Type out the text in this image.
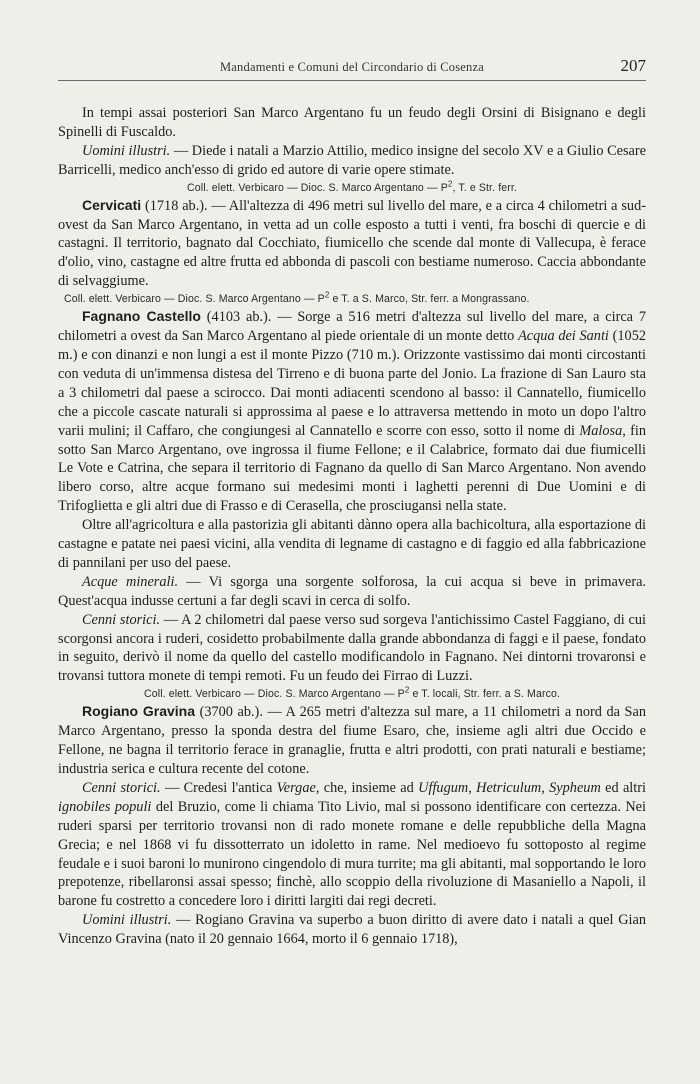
Mandamenti e Comuni del Circondario di Cosenza	207

In tempi assai posteriori San Marco Argentano fu un feudo degli Orsini di Bisignano e degli Spinelli di Fuscaldo.

Uomini illustri. — Diede i natali a Marzio Attilio, medico insigne del secolo XV e a Giulio Cesare Barricelli, medico anch'esso di grido ed autore di varie opere stimate.

Coll. elett. Verbicaro — Dioc. S. Marco Argentano — $P^2$, T. e Str. ferr.

Cervicati (1718 ab.). — All'altezza di 496 metri sul livello del mare, e a circa 4 chilometri a sud-ovest da San Marco Argentano, in vetta ad un colle esposto a tutti i venti, fra boschi di quercie e di castagni. Il territorio, bagnato dal Cocchiato, fiumicello che scende dal monte di Vallecupa, è ferace d'olio, vino, castagne ed altre frutta ed abbonda di pascoli con bestiame numeroso. Caccia abbondante di selvaggiume.

Coll. elett. Verbicaro — Dioc. S. Marco Argentano — $P^2$ e T. a S. Marco, Str. ferr. a Mongrassano.

Fagnano Castello (4103 ab.). — Sorge a 516 metri d'altezza sul livello del mare, a circa 7 chilometri a ovest da San Marco Argentano al piede orientale di un monte detto Acqua dei Santi (1052 m.) e con dinanzi e non lungi a est il monte Pizzo (710 m.). Orizzonte vastissimo dai monti circostanti con veduta di un'immensa distesa del Tirreno e di buona parte del Jonio. La frazione di San Lauro sta a 3 chilometri dal paese a scirocco. Dai monti adiacenti scendono al basso: il Cannatello, fiumicello che a piccole cascate naturali si approssima al paese e lo attraversa mettendo in moto un dopo l'altro varii mulini; il Caffaro, che congiungesi al Cannatello e scorre con esso, sotto il nome di Malosa, fin sotto San Marco Argentano, ove ingrossa il fiume Fellone; e il Calabrice, formato dai due fiumicelli Le Vote e Catrina, che separa il territorio di Fagnano da quello di San Marco Argentano. Non avendo libero corso, altre acque formano sui medesimi monti i laghetti perenni di Due Uomini e di Trifoglietta e gli altri due di Frasso e di Cerasella, che prosciugansi nella state.

Oltre all'agricoltura e alla pastorizia gli abitanti dànno opera alla bachicoltura, alla esportazione di castagne e patate nei paesi vicini, alla vendita di legname di castagno e di faggio ed alla fabbricazione di pannilani per uso del paese.

Acque minerali. — Vi sgorga una sorgente solforosa, la cui acqua si beve in primavera. Quest'acqua indusse certuni a far degli scavi in cerca di solfo.

Cenni storici. — A 2 chilometri dal paese verso sud sorgeva l'antichissimo Castel Faggiano, di cui scorgonsi ancora i ruderi, cosidetto probabilmente dalla grande abbondanza di faggi e il paese, fondato in seguito, derivò il nome da quello del castello modificandolo in Fagnano. Nei dintorni trovaronsi e trovansi tuttora monete di tempi remoti. Fu un feudo dei Firrao di Luzzi.

Coll. elett. Verbicaro — Dioc. S. Marco Argentano — $P^2$ e T. locali, Str. ferr. a S. Marco.

Rogiano Gravina (3700 ab.). — A 265 metri d'altezza sul mare, a 11 chilometri a nord da San Marco Argentano, presso la sponda destra del fiume Esaro, che, insieme agli altri due Occido e Fellone, ne bagna il territorio ferace in granaglie, frutta e altri prodotti, con prati naturali e bestiame; industria serica e cultura recente del cotone.

Cenni storici. — Credesi l'antica Vergae, che, insieme ad Uffugum, Hetriculum, Sypheum ed altri ignobiles populi del Bruzio, come li chiama Tito Livio, mal si possono identificare con certezza. Nei ruderi sparsi per territorio trovansi non di rado monete romane e delle repubbliche della Magna Grecia; e nel 1868 vi fu dissotterrato un idoletto in rame. Nel medioevo fu sottoposto al regime feudale e i suoi baroni lo munirono cingendolo di mura turrite; ma gli abitanti, mal sopportando le loro prepotenze, ribellaronsi assai spesso; finchè, allo scoppio della rivoluzione di Masaniello a Napoli, il barone fu costretto a concedere loro i diritti largiti dai regi decreti.

Uomini illustri. — Rogiano Gravina va superbo a buon diritto di avere dato i natali a quel Gian Vincenzo Gravina (nato il 20 gennaio 1664, morto il 6 gennaio 1718),
